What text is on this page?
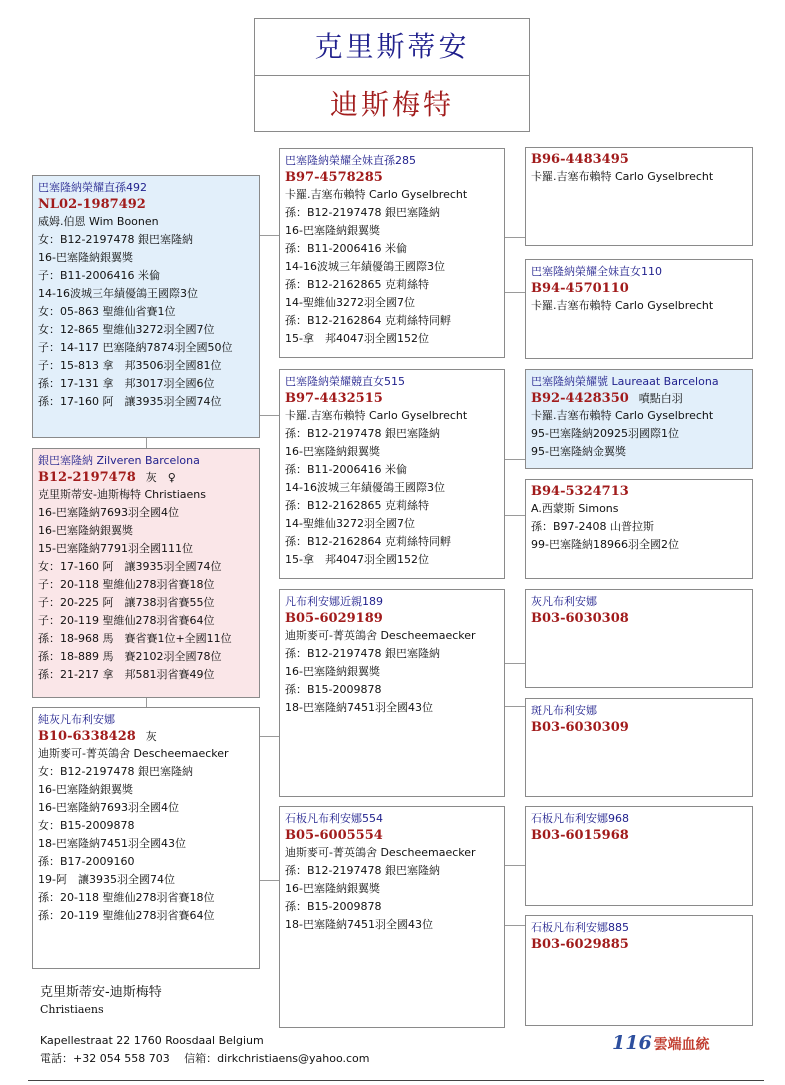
克里斯蒂安
迪斯梅特
巴塞隆納榮耀直孫492
NL02-1987492
威姆.伯恩 Wim Boonen
女：B12-2197478 銀巴塞隆納
16-巴塞隆納銀翼獎
子：B11-2006416 米倫
14-16波城三年績優鴿王國際3位
女：05-863 聖維仙省賽1位
女：12-865 聖維仙3272羽全國7位
子：14-117 巴塞隆納7874羽全國50位
子：15-813 拿　邦3506羽全國81位
孫：17-131 拿　邦3017羽全國6位
孫：17-160 阿　讓3935羽全國74位
銀巴塞隆納 Zilveren Barcelona
B12-2197478 灰　♀
克里斯蒂安-迪斯梅特 Christiaens
16-巴塞隆納7693羽全國4位
16-巴塞隆納銀翼獎
15-巴塞隆納7791羽全國111位
女：17-160 阿　讓3935羽全國74位
子：20-118 聖維仙278羽省賽18位
子：20-225 阿　讓738羽省賽55位
子：20-119 聖維仙278羽省賽64位
孫：18-968 馬　賽省賽1位+全國11位
孫：18-889 馬　賽2102羽全國78位
孫：21-217 拿　邦581羽省賽49位
純灰凡布利安娜
B10-6338428 灰
迪斯麥可-菁英鴿舍 Descheemaecker
女：B12-2197478 銀巴塞隆納
16-巴塞隆納銀翼獎
16-巴塞隆納7693羽全國4位
女：B15-2009878
18-巴塞隆納7451羽全國43位
孫：B17-2009160
19-阿　讓3935羽全國74位
孫：20-118 聖維仙278羽省賽18位
孫：20-119 聖維仙278羽省賽64位
巴塞隆納榮耀全妹直孫285
B97-4578285
卡羅.吉塞布賴特 Carlo Gyselbrecht
孫：B12-2197478 銀巴塞隆納
16-巴塞隆納銀翼獎
孫：B11-2006416 米倫
14-16波城三年績優鴿王國際3位
孫：B12-2162865 克莉絲特
14-聖維仙3272羽全國7位
孫：B12-2162864 克莉絲特同孵
15-拿　邦4047羽全國152位
巴塞隆納榮耀競直女515
B97-4432515
卡羅.吉塞布賴特 Carlo Gyselbrecht
孫：B12-2197478 銀巴塞隆納
16-巴塞隆納銀翼獎
孫：B11-2006416 米倫
14-16波城三年績優鴿王國際3位
孫：B12-2162865 克莉絲特
14-聖維仙3272羽全國7位
孫：B12-2162864 克莉絲特同孵
15-拿　邦4047羽全國152位
凡布利安娜近親189
B05-6029189
迪斯麥可-菁英鴿舍 Descheemaecker
孫：B12-2197478 銀巴塞隆納
16-巴塞隆納銀翼獎
孫：B15-2009878
18-巴塞隆納7451羽全國43位
石板凡布利安娜554
B05-6005554
迪斯麥可-菁英鴿舍 Descheemaecker
孫：B12-2197478 銀巴塞隆納
16-巴塞隆納銀翼獎
孫：B15-2009878
18-巴塞隆納7451羽全國43位
B96-4483495
卡羅.吉塞布賴特 Carlo Gyselbrecht
巴塞隆納榮耀全妹直女110
B94-4570110
卡羅.吉塞布賴特 Carlo Gyselbrecht
巴塞隆納榮耀號 Laureaat Barcelona
B92-4428350 噴點白羽
卡羅.吉塞布賴特 Carlo Gyselbrecht
95-巴塞隆納20925羽國際1位
95-巴塞隆納金翼獎
B94-5324713
A.西蒙斯 Simons
孫：B97-2408 山普拉斯
99-巴塞隆納18966羽全國2位
灰凡布利安娜
B03-6030308
斑凡布利安娜
B03-6030309
石板凡布利安娜968
B03-6015968
石板凡布利安娜885
B03-6029885
克里斯蒂安-迪斯梅特
Christiaens
Kapellestraat 22 1760 Roosdaal Belgium
電話：+32 054 558 703　 信箱：dirkchristiaens@yahoo.com
116 雲端血統
